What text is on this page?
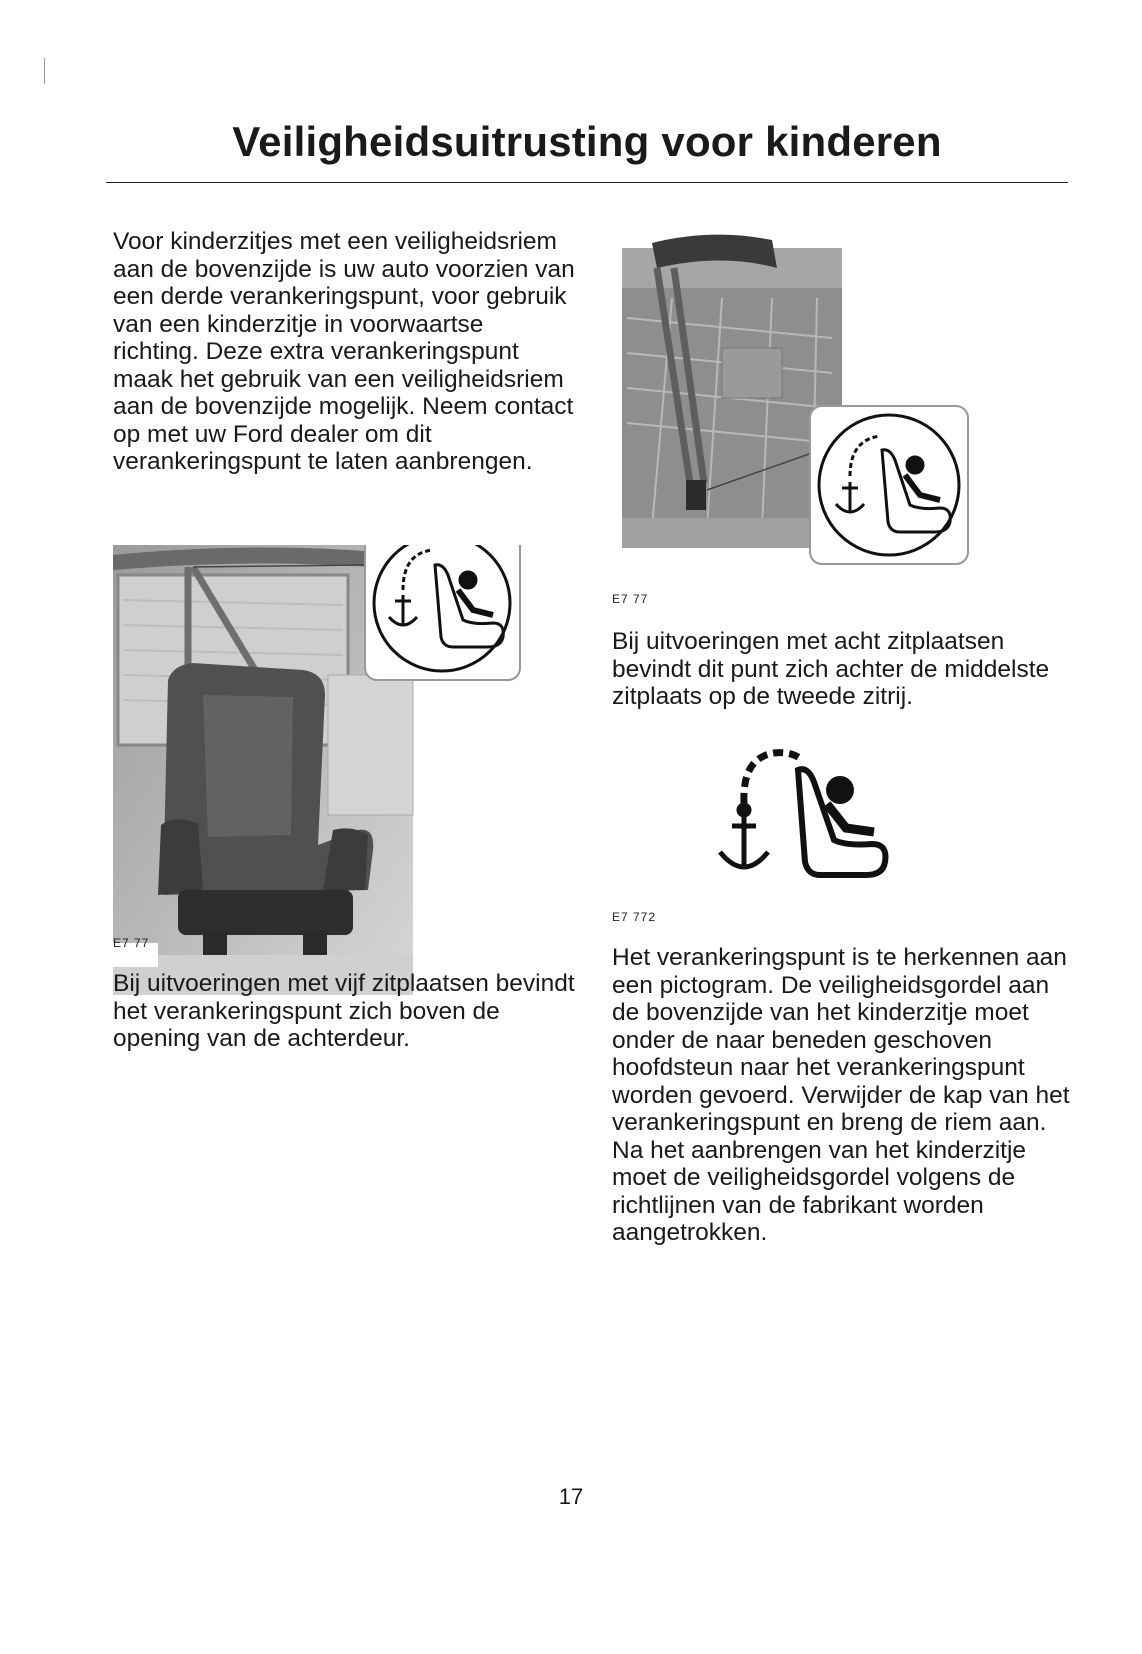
Veiligheidsuitrusting voor kinderen

Voor kinderzitjes met een veiligheidsriem aan de bovenzijde is uw auto voorzien van een derde verankeringspunt, voor gebruik van een kinderzitje in voorwaartse richting. Deze extra verankeringspunt maak het gebruik van een veiligheidsriem aan de bovenzijde mogelijk. Neem contact op met uw Ford dealer om dit verankeringspunt te laten aanbrengen.

E7 77

Bij uitvoeringen met vijf zitplaatsen bevindt het verankeringspunt zich boven de opening van de achterdeur.

E7 77

Bij uitvoeringen met acht zitplaatsen bevindt dit punt zich achter de middelste zitplaats op de tweede zitrij.

E7 772

Het verankeringspunt is te herkennen aan een pictogram. De veiligheidsgordel aan de bovenzijde van het kinderzitje moet onder de naar beneden geschoven hoofdsteun naar het verankeringspunt worden gevoerd. Verwijder de kap van het verankeringspunt en breng de riem aan. Na het aanbrengen van het kinderzitje moet de veiligheidsgordel volgens de richtlijnen van de fabrikant worden aangetrokken.

17
